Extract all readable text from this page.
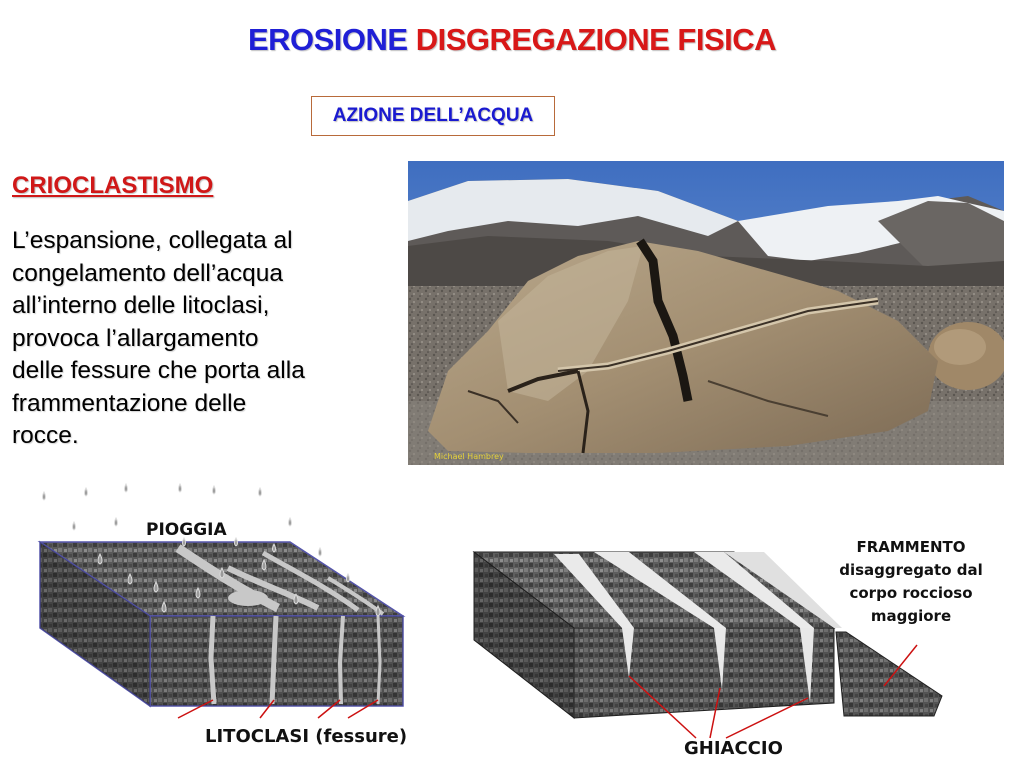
EROSIONE DISGREGAZIONE FISICA
AZIONE DELL’ACQUA
CRIOCLASTISMO
L’espansione, collegata al
congelamento dell’acqua
all’interno delle litoclasi,
provoca l’allargamento
delle fessure che porta alla
frammentazione delle
rocce.
Michael Hambrey
PIOGGIA
LITOCLASI (fessure)
FRAMMENTO
disaggregato dal
corpo roccioso
maggiore
GHIACCIO
